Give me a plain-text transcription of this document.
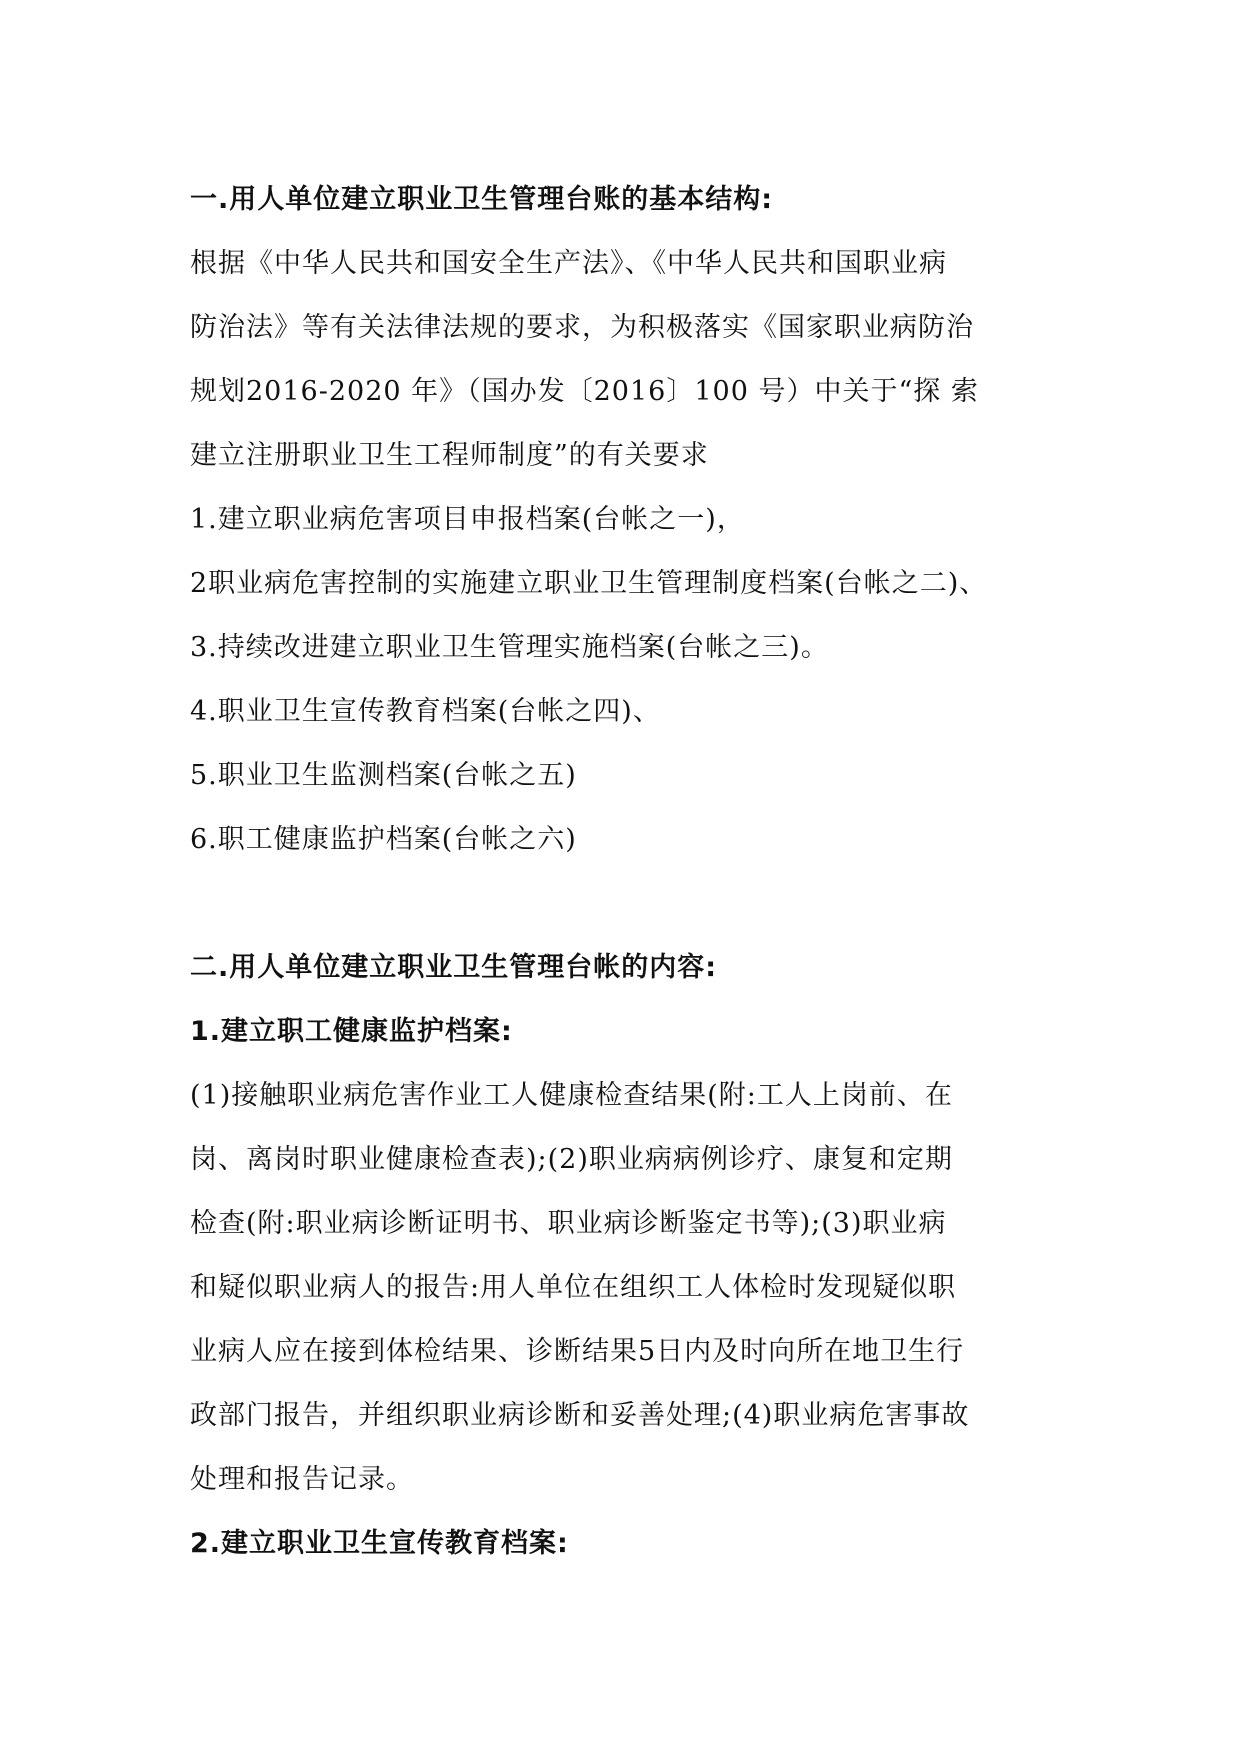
一.用人单位建立职业卫生管理台账的基本结构:
根据《中华人民共和国安全生产法》、《中华人民共和国职业病
防治法》等有关法律法规的要求，为积极落实《国家职业病防治
规划2016-2020 年》（国办发〔2016〕100 号）中关于“探 索
建立注册职业卫生工程师制度”的有关要求
1.建立职业病危害项目申报档案(台帐之一)，
2职业病危害控制的实施建立职业卫生管理制度档案(台帐之二)、
3.持续改进建立职业卫生管理实施档案(台帐之三)。
4.职业卫生宣传教育档案(台帐之四)、
5.职业卫生监测档案(台帐之五)
6.职工健康监护档案(台帐之六)
二.用人单位建立职业卫生管理台帐的内容:
1.建立职工健康监护档案:
(1)接触职业病危害作业工人健康检查结果(附:工人上岗前、在
岗、离岗时职业健康检查表);(2)职业病病例诊疗、康复和定期
检查(附:职业病诊断证明书、职业病诊断鉴定书等);(3)职业病
和疑似职业病人的报告:用人单位在组织工人体检时发现疑似职
业病人应在接到体检结果、诊断结果5日内及时向所在地卫生行
政部门报告，并组织职业病诊断和妥善处理;(4)职业病危害事故
处理和报告记录。
2.建立职业卫生宣传教育档案:
